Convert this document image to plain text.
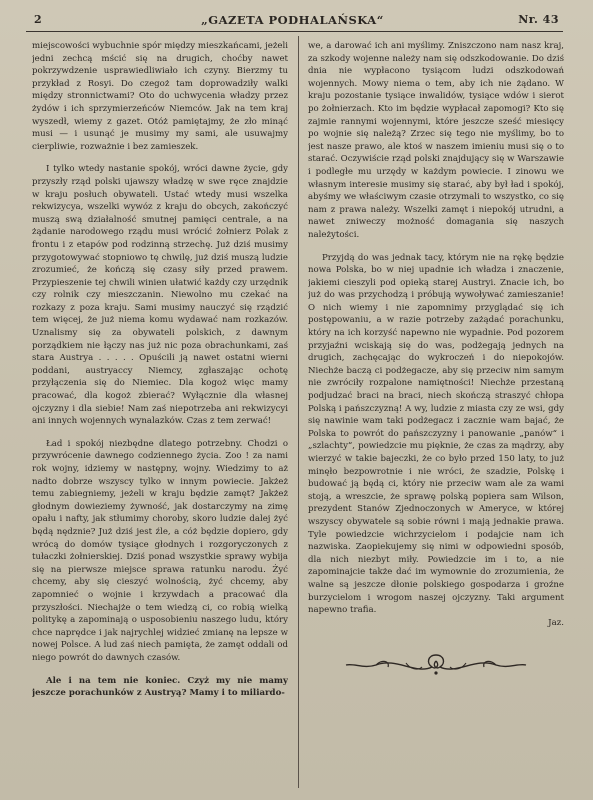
2	„GAZETA PODHALAŃSKA“	Nr. 43

miejscowości wybuchnie spór między mieszkańcami, jeżeli jedni zechcą mścić się na drugich, choćby nawet pokrzywdzenie usprawiedliwiało ich czyny. Bierzmy tu przykład z Rosyi. Do czegoż tam doprowadziły walki między stronnictwami? Oto do uchwycenia władzy przez żydów i ich sprzymierzeńców Niemców. Jak na tem kraj wyszedł, wiemy z gazet. Otóż pamiętajmy, że zło minąć musi — i usunąć je musimy my sami, ale usuwajmy cierpliwie, rozważnie i bez zamieszek.

I tylko wtedy nastanie spokój, wróci dawne życie, gdy przyszły rząd polski ujawszy władzę w swe ręce znajdzie w kraju posłuch obywateli. Ustać wtedy musi wszelka rekwizycya, wszelki wywóz z kraju do obcych, zakończyć muszą swą działalność smutnej pamięci centrale, a na żądanie narodowego rządu musi wrócić żołnierz Polak z frontu i z etapów pod rodzinną strzechę. Już dziś musimy przygotowywać stopniowo tę chwilę, już dziś muszą ludzie zrozumieć, że kończą się czasy siły przed prawem. Przypieszenie tej chwili winien ułatwić każdy czy urzędnik czy rolnik czy mieszczanin. Niewolno mu czekać na rozkazy z poza kraju. Sami musimy nauczyć się rządzić tem więcej, że już niema komu wydawać nam rozkazów. Uznalismy się za obywateli polskich, z dawnym porządkiem nie łączy nas już nic poza obrachunkami, zaś stara Austrya . . . . . Opuścili ją nawet ostatni wierni poddani, austryaccy Niemcy, zgłaszając ochotę przyłączenia się do Niemiec. Dla kogoż więc mamy pracować, dla kogoż zbierać? Wyłącznie dla własnej ojczyzny i dla siebie! Nam zaś niepotrzeba ani rekwizycyi ani innych wojennych wynalazków. Czas z tem zerwać!

Ład i spokój niezbędne dlatego potrzebny. Chodzi o przywrócenie dawnego codziennego życia. Zoo ! za nami rok wojny, idziemy w następny, wojny. Wiedzimy to aż nadto dobrze wszyscy tylko w innym powiecie. Jakżeż temu zabiegniemy, jeżeli w kraju będzie zamęt? Jakżeż głodnym dowieziemy żywność, jak dostarczymy na zimę opału i nafty, jak stłumimy choroby, skoro ludzie dalej żyć będą nędznie? Już dziś jest źle, a cóż będzie dopiero, gdy wrócą do domów tysiące głodnych i rozgoryczonych z tułaczki żołnierskiej. Dziś ponad wszystkie sprawy wybija się na pierwsze miejsce sprawa ratunku narodu. Żyć chcemy, aby się cieszyć wolnością, żyć chcemy, aby zapomnieć o wojnie i krzywdach a pracować dla przyszłości. Niechajże o tem wiedzą ci, co robią wielką politykę a zapominają o usposobieniu naszego ludu, który chce naprędce i jak najrychlej widzieć zmianę na lepsze w nowej Polsce. A lud zaś niech pamięta, że zamęt oddali od niego powrót do dawnych czasów.

Ale i na tem nie koniec. Czyż my nie mamy jeszcze porachunków z Austryą? Mamy i to miliardo-

we, a darować ich ani myślimy. Zniszczono nam nasz kraj, za szkody wojenne należy nam się odszkodowanie. Do dziś dnia nie wypłacono tysiącom ludzi odszkodowań wojennych. Mowy niema o tem, aby ich nie żądano. W kraju pozostanie tysiące inwalidów, tysiące wdów i sierot po żołnierzach. Kto im będzie wypłacał zapomogi? Kto się zajmie rannymi wojennymi, które jeszcze sześć miesięcy po wojnie się należą? Zrzec się tego nie myślimy, bo to jest nasze prawo, ale ktoś w naszem imieniu musi się o to starać. Oczywiście rząd polski znajdujący się w Warszawie i podległe mu urzędy w każdym powiecie. I zinowu we własnym interesie musimy się starać, aby był ład i spokój, abyśmy we właściwym czasie otrzymali to wszystko, co się nam z prawa należy. Wszelki zamęt i niepokój utrudni, a nawet zniweczy możność domagania się naszych należytości.

Przyjdą do was jednak tacy, którym nie na rękę będzie nowa Polska, bo w niej upadnie ich władza i znaczenie, jakiemi cieszyli pod opieką starej Austryi. Znacie ich, bo już do was przychodzą i próbują wywoływać zamieszanie! O nich wiemy i nie zapomnimy przyglądać się ich postępowaniu, a w razie potrzeby zażądać porachunku, który na ich korzyść napewno nie wypadnie. Pod pozorem przyjaźni wciskają się do was, podżegają jednych na drugich, zachęcając do wykroczeń i do niepokojów. Niechże baczą ci podżegacze, aby się przeciw nim samym nie zwróciły rozpalone namiętności! Niechże przestaną podjudzać braci na braci, niech skończą straszyć chłopa Polską i pańszczyzną! A wy, ludzie z miasta czy ze wsi, gdy się nawinie wam taki podżegacz i zacznie wam bajać, że Polska to powrót do pańszczyzny i panowanie „panów“ i „szlachty“, powiedzcie mu pięknie, że czas za mądrzy, aby wierzyć w takie bajeczki, że co było przed 150 laty, to już minęło bezpowrotnie i nie wróci, że szadzie, Polskę i budować ją będą ci, który nie przeciw wam ale za wami stoją, a wreszcie, że sprawę polską popiera sam Wilson, prezydent Stanów Zjednoczonych w Ameryce, w której wszyscy obywatele są sobie równi i mają jednakie prawa. Tyle powiedzcie wichrzycielom i podajcie nam ich nazwiska. Zaopiekujemy się nimi w odpowiedni sposób, dla nich niezbyt miły. Powiedzcie im i to, a nie zapominajcie także dać im wymownie do zrozumienia, że walne są jeszcze dłonie polskiego gospodarza i groźne burzycielom i wrogom naszej ojczyzny. Taki argument napewno trafia.

Jaz.
